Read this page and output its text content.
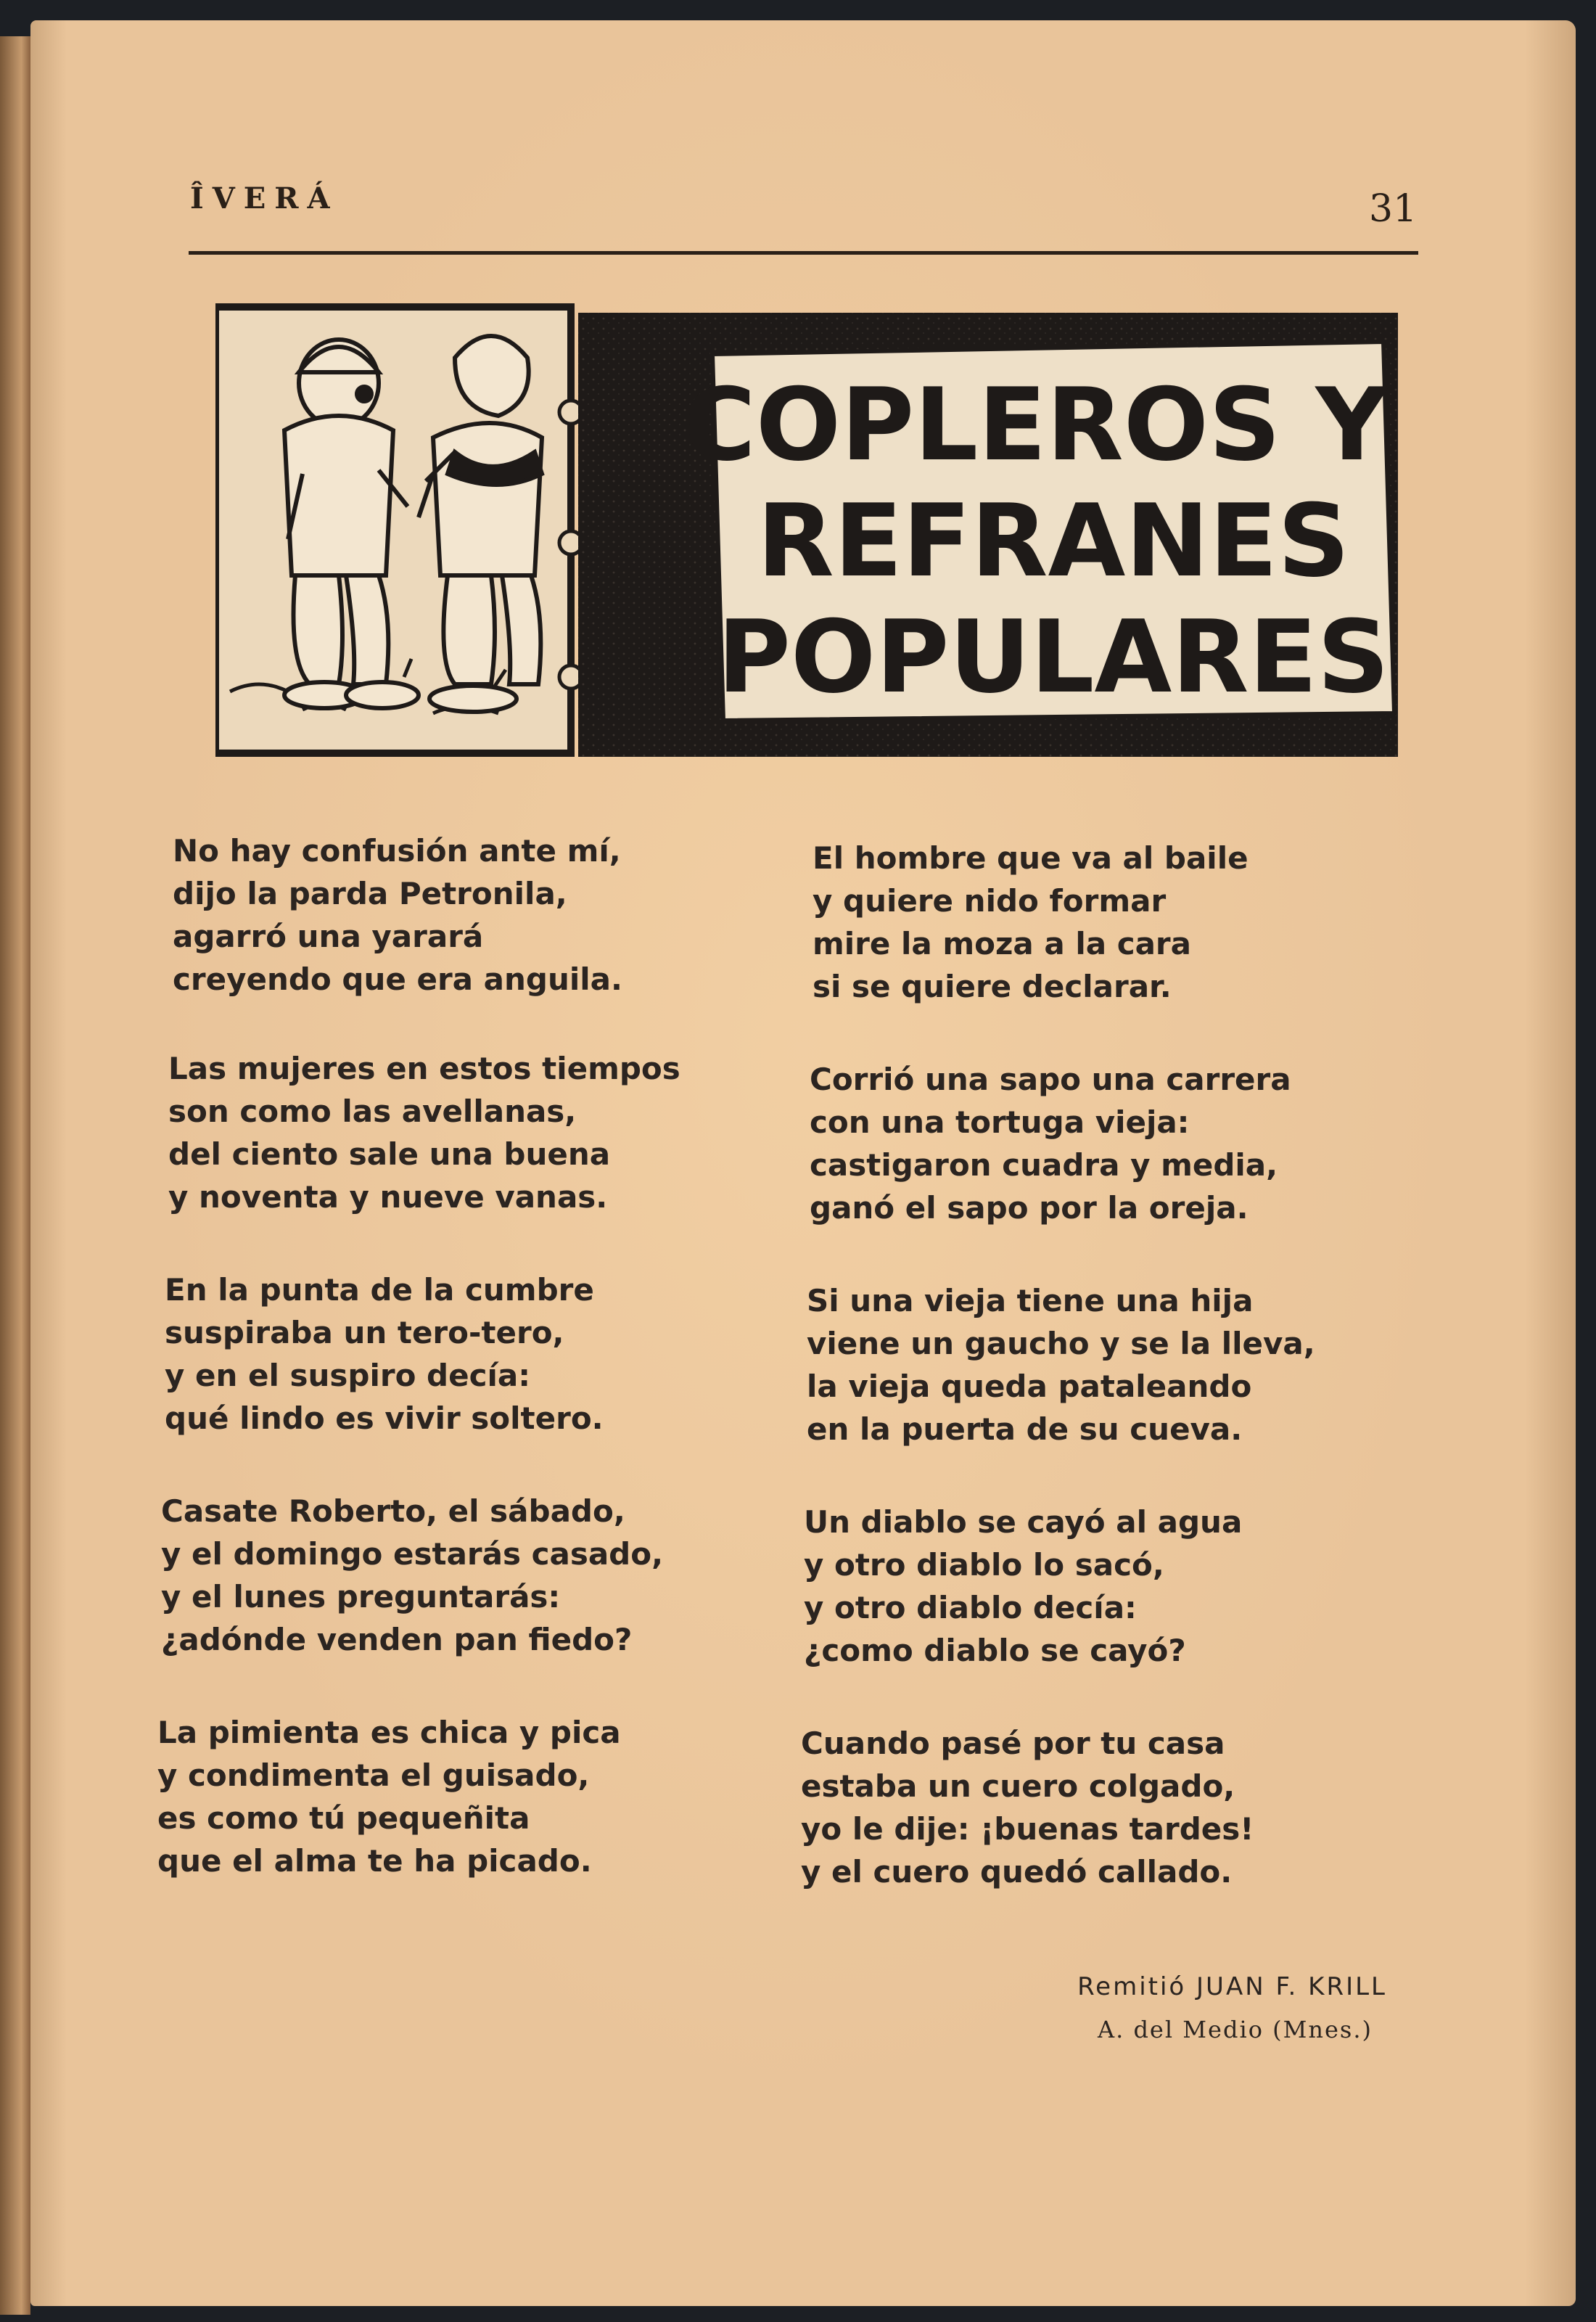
ÎVERÁ	31
COPLEROS Y
REFRANES
POPULARES
No hay confusión ante mí,
dijo la parda Petronila,
agarró una yarará
creyendo que era anguila.
Las mujeres en estos tiempos
son como las avellanas,
del ciento sale una buena
y noventa y nueve vanas.
En la punta de la cumbre
suspiraba un tero-tero,
y en el suspiro decía:
qué lindo es vivir soltero.
Casate Roberto, el sábado,
y el domingo estarás casado,
y el lunes preguntarás:
¿adónde venden pan fiedo?
La pimienta es chica y pica
y condimenta el guisado,
es como tú pequeñita
que el alma te ha picado.
El hombre que va al baile
y quiere nido formar
mire la moza a la cara
si se quiere declarar.
Corrió una sapo una carrera
con una tortuga vieja:
castigaron cuadra y media,
ganó el sapo por la oreja.
Si una vieja tiene una hija
viene un gaucho y se la lleva,
la vieja queda pataleando
en la puerta de su cueva.
Un diablo se cayó al agua
y otro diablo lo sacó,
y otro diablo decía:
¿como diablo se cayó?
Cuando pasé por tu casa
estaba un cuero colgado,
yo le dije: ¡buenas tardes!
y el cuero quedó callado.
Remitió JUAN F. KRILL
A. del Medio (Mnes.)
